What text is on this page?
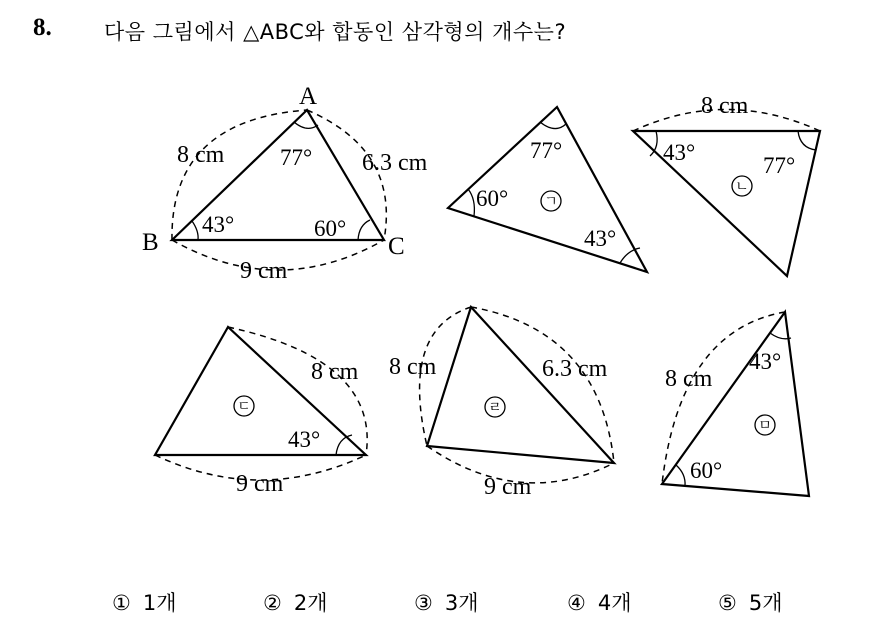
8. 다음 그림에서 △ABC와 합동인 삼각형의 개수는?
ㄱ
ㄴ
ㄷ	ㄹ
ㅁ
A
B	C
8 cm	6.3 cm
9 cm
77°
43°	60°
77°
60°
43°
8 cm
43°
77°
8 cm
9 cm
43°
8 cm	6.3 cm
9 cm
8 cm
43°
60°
① 1개	② 2개	③ 3개	④ 4개	⑤ 5개
